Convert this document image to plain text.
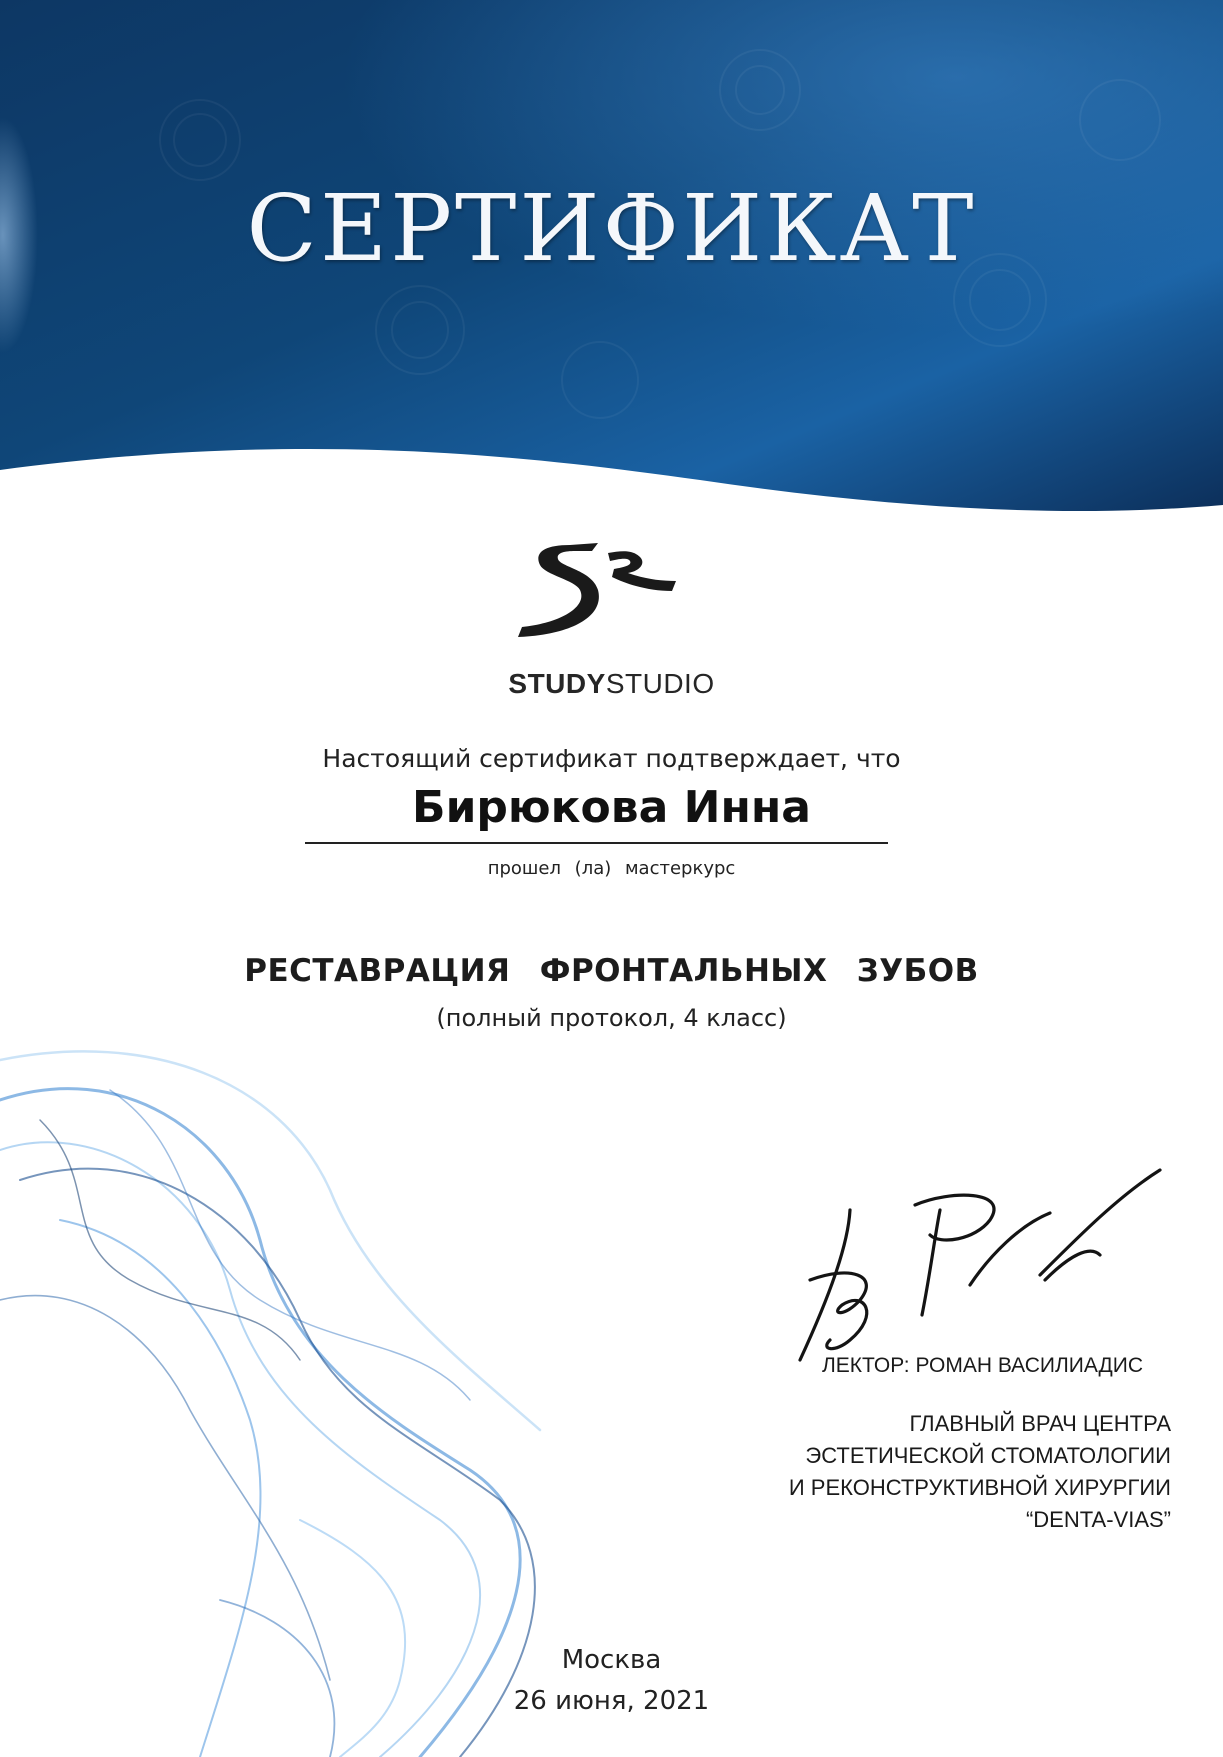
СЕРТИФИКАТ
STUDYSTUDIO
Настоящий сертификат подтверждает, что
Бирюкова Инна
прошел (ла) мастеркурс
РЕСТАВРАЦИЯ ФРОНТАЛЬНЫХ ЗУБОВ
(полный протокол, 4 класс)
ЛЕКТОР: РОМАН ВАСИЛИАДИС
ГЛАВНЫЙ ВРАЧ ЦЕНТРА
ЭСТЕТИЧЕСКОЙ СТОМАТОЛОГИИ
И РЕКОНСТРУКТИВНОЙ ХИРУРГИИ
“DENTA-VIAS”
Москва
26 июня, 2021
